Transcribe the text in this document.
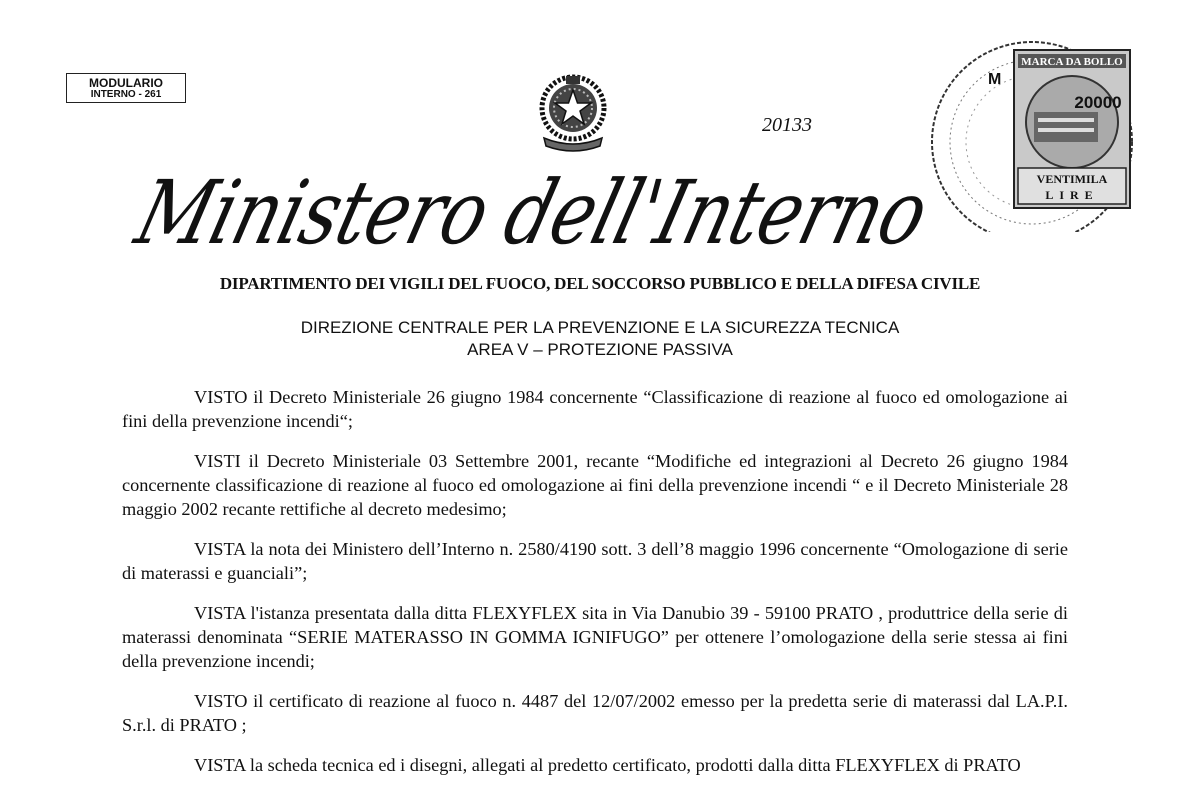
MODULARIO
INTERNO - 261
20133
MARCA DA BOLLO
20000
VENTIMILA
LIRE
M
Ministero dell'Interno
DIPARTIMENTO DEI VIGILI DEL FUOCO, DEL SOCCORSO PUBBLICO E DELLA DIFESA CIVILE
DIREZIONE CENTRALE PER LA PREVENZIONE E LA SICUREZZA TECNICA
AREA V – PROTEZIONE PASSIVA

VISTO il Decreto Ministeriale 26 giugno 1984 concernente “Classificazione di reazione al fuoco ed omologazione ai fini della prevenzione incendi“;

VISTI il Decreto Ministeriale 03 Settembre 2001, recante “Modifiche ed integrazioni al Decreto 26 giugno 1984 concernente classificazione di reazione al fuoco ed omologazione ai fini della prevenzione incendi “ e il Decreto Ministeriale 28 maggio 2002 recante rettifiche al decreto medesimo;

VISTA la nota dei Ministero dell’Interno n. 2580/4190 sott. 3 dell’8 maggio 1996 concernente “Omologazione di serie di materassi e guanciali”;

VISTA l'istanza presentata dalla ditta FLEXYFLEX sita in Via Danubio 39 - 59100 PRATO , produttrice della serie di materassi denominata “SERIE MATERASSO IN GOMMA IGNIFUGO” per ottenere l’omologazione della serie stessa ai fini della prevenzione incendi;

VISTO il certificato di reazione al fuoco n. 4487 del 12/07/2002 emesso per la predetta serie di materassi dal LA.P.I. S.r.l. di PRATO ;

VISTA la scheda tecnica ed i disegni, allegati al predetto certificato, prodotti dalla ditta FLEXYFLEX di PRATO
